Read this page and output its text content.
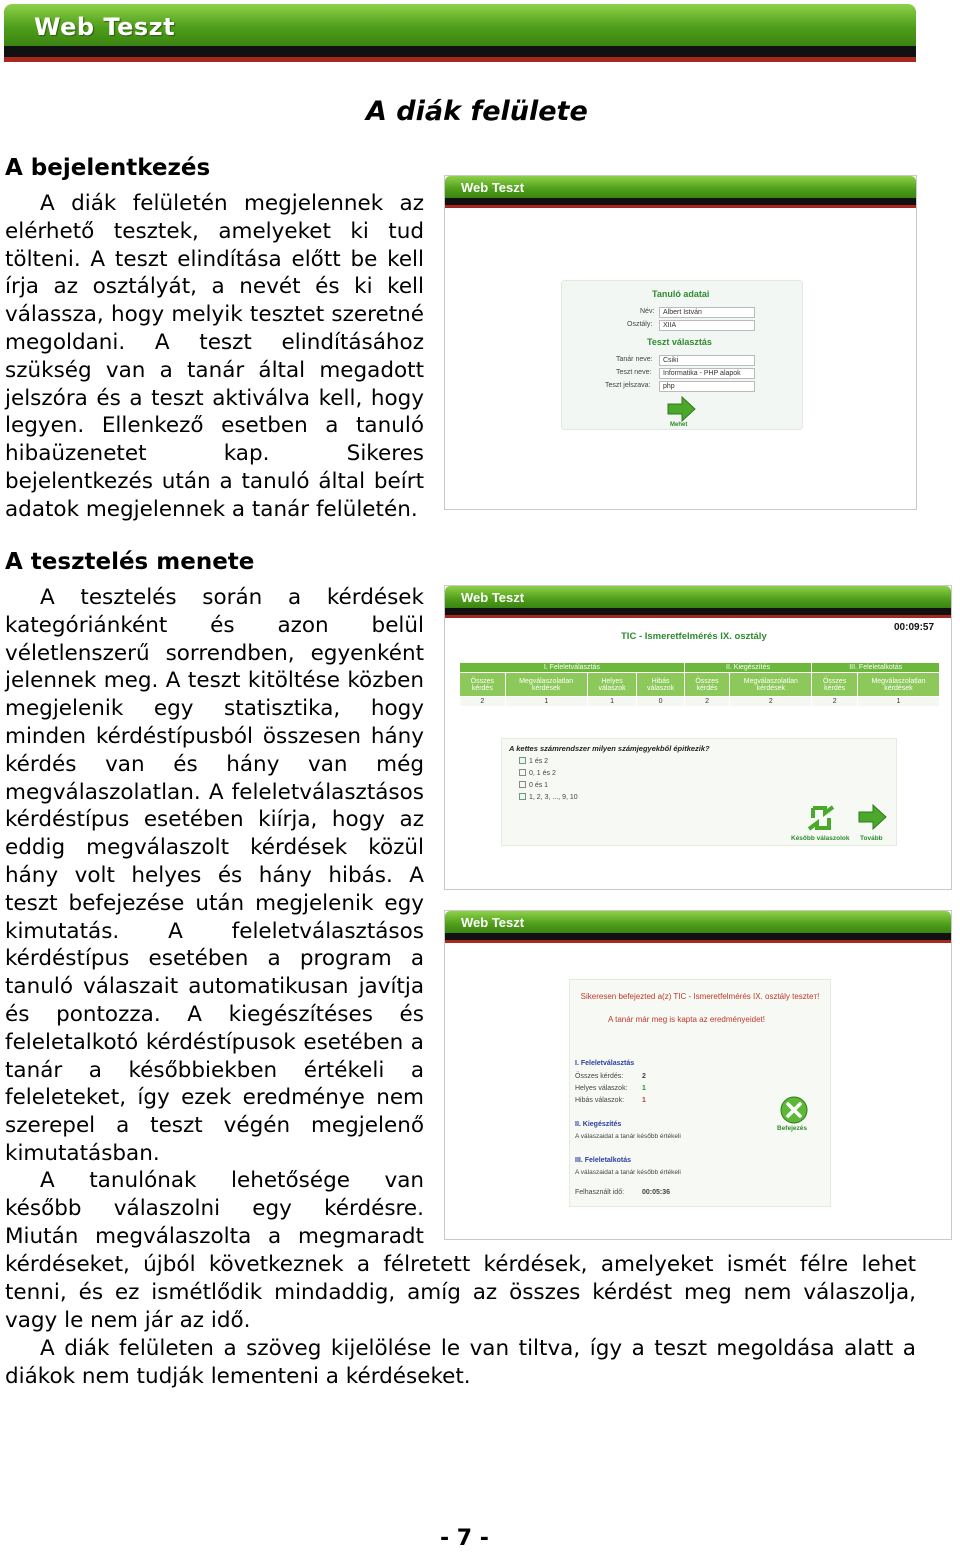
Web Teszt
A diák felülete
A bejelentkezés
A diák felületén megjelennek az elérhető tesztek, amelyeket ki tud tölteni. A teszt elindítása előtt be kell írja az osztályát, a nevét és ki kell válassza, hogy melyik tesztet szeretné megoldani. A teszt elindításához szükség van a tanár által megadott jelszóra és a teszt aktiválva kell, hogy legyen. Ellenkező esetben a tanuló hibaüzenetet kap. Sikeres bejelentkezés után a tanuló által beírt adatok megjelennek a tanár felületén.
A tesztelés menete
A tesztelés során a kérdések kategóriánként és azon belül véletlenszerű sorrendben, egyenként jelennek meg. A teszt kitöltése közben megjelenik egy statisztika, hogy minden kérdéstípusból összesen hány kérdés van és hány van még megválaszolatlan. A feleletválasztásos kérdéstípus esetében kiírja, hogy az eddig megválaszolt kérdések közül hány volt helyes és hány hibás. A teszt befejezése után megjelenik egy kimutatás. A feleletválasztásos kérdéstípus esetében a program a tanuló válaszait automatikusan javítja és pontozza. A kiegészítéses és feleletalkotó kérdéstípusok esetében a tanár a későbbiekben értékeli a feleleteket, így ezek eredménye nem szerepel a teszt végén megjelenő kimutatásban.
A tanulónak lehetősége van később válaszolni egy kérdésre. Miután megválaszolta a megmaradt
kérdéseket, újból következnek a félretett kérdések, amelyeket ismét félre lehet tenni, és ez ismétlődik mindaddig, amíg az összes kérdést meg nem válaszolja, vagy le nem jár az idő.
A diák felületen a szöveg kijelölése le van tiltva, így a teszt megoldása alatt a diákok nem tudják lementeni a kérdéseket.
- 7 -
Web Teszt
Tanuló adatai
Név:	Albert István
Osztály:	XIIA
Teszt választás
Tanár neve:	Csiki
Teszt neve:	Informatika - PHP alapok
Teszt jelszava:	php
Mehet
Web Teszt
TIC - Ismeretfelmérés IX. osztály
00:09:57
I. Feleletválasztás				II. Kiegészítés		III. Feleletalkotás	
Összes kérdés	Megválaszolatlan kérdések	Helyes válaszok	Hibás válaszok	Összes kérdés	Megválaszolatlan kérdések	Összes kérdés	Megválaszolatlan kérdések
2	1	1	0	2	2	2	1
A kettes számrendszer milyen számjegyekből épitkezik?
1 és 2
0, 1 és 2
0 és 1
1, 2, 3, ..., 9, 10
Később válaszolok Tovább
Web Teszt
Sikeresen befejezted a(z) TIC - Ismeretfelmérés IX. osztály teszteт!
A tanár már meg is kapta az eredményeidet!
I. Feleletválasztás
Összes kérdés:	2
Helyes válaszok: 1
Hibás válaszok:	1
II. Kiegészítés
A válaszaidat a tanár később értékeli
III. Feleletalkotás
A válaszaidat a tanár később értékeli
Felhasznált idő:	00:05:36
Befejezés
